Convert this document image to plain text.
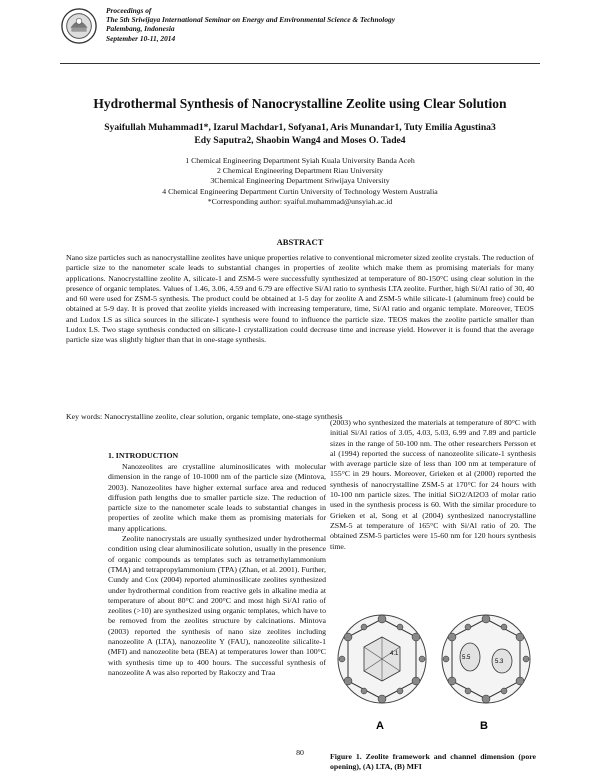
Proceedings of
The 5th Sriwijaya International Seminar on Energy and Environmental Science & Technology
Palembang, Indonesia
September 10-11, 2014
Hydrothermal Synthesis of Nanocrystalline Zeolite using Clear Solution
Syaifullah Muhammad1*, Izarul Machdar1, Sofyana1, Aris Munandar1, Tuty Emilia Agustina3
Edy Saputra2, Shaobin Wang4 and Moses O. Tade4
1 Chemical Engineering Department Syiah Kuala University Banda Aceh
2 Chemical Engineering Department Riau University
3Chemical Engineering Department Sriwijaya University
4 Chemical Engineering Department Curtin University of Technology Western Australia
*Corresponding author: syaiful.muhammad@unsyiah.ac.id
ABSTRACT
Nano size particles such as nanocrystalline zeolites have unique properties relative to conventional micrometer sized zeolite crystals. The reduction of particle size to the nanometer scale leads to substantial changes in properties of zeolite which make them as promising materials for many applications. Nanocrystalline zeolite A, silicate-1 and ZSM-5 were successfully synthesized at temperature of 80-150°C using clear solution in the presence of organic templates. Values of 1.46, 3.06, 4.59 and 6.79 are effective Si/Al ratio to synthesis LTA zeolite. Further, high Si/Al ratio of 30, 40 and 60 were used for ZSM-5 synthesis. The product could be obtained at 1-5 day for zeolite A and ZSM-5 while silicate-1 (aluminum free) could be obtained at 5-9 day. It is proved that zeolite yields increased with increasing temperature, time, Si/Al ratio and organic template. Moreover, TEOS and Ludox LS as silica sources in the silicate-1 synthesis were found to influence the particle size. TEOS makes the zeolite particle smaller than Ludox LS. Two stage synthesis conducted on silicate-1 crystallization could decrease time and increase yield. However it is found that the average particle size was slightly higher than that in one-stage synthesis.
Key words: Nanocrystalline zeolite, clear solution, organic template, one-stage synthesis
1. INTRODUCTION

Nanozeolites are crystalline aluminosilicates with molecular dimension in the range of 10-1000 nm of the particle size (Mintova, 2003). Nanozeolites have higher external surface area and reduced diffusion path lengths due to smaller particle size. The reduction of particle size to the nanometer scale leads to substantial changes in properties of zeolite which make them as promising materials for many applications.

Zeolite nanocrystals are usually synthesized under hydrothermal condition using clear aluminosilicate solution, usually in the presence of organic compounds as templates such as tetramethylammonium (TMA) and tetrapropylammonium (TPA) (Zhan, et al. 2001). Further, Cundy and Cox (2004) reported aluminosilicate zeolites synthesized under hydrothermal condition from reactive gels in alkaline media at temperature of about 80°C and 200°C and most high Si/Al ratio of zeolites (>10) are synthesized using organic templates, which have to be removed from the zeolites structure by calcinations. Mintova (2003) reported the synthesis of nano size zeolites including nanozeolite A (LTA), nanozeolite Y (FAU), nanozeolite silicalite-1 (MFI) and nanozeolite beta (BEA) at temperatures lower than 100°C with synthesis time up to 400 hours. The successful synthesis of nanozeolite A was also reported by Rakoczy and Traa

(2003) who synthesized the materials at temperature of 80°C with initial Si/Al ratios of 3.05, 4.03, 5.03, 6.99 and 7.89 and particle sizes in the range of 50-100 nm. The other researchers Persson et al (1994) reported the success of nanozeolite silicate-1 synthesis with average particle size of less than 100 nm at temperature of 155°C in 29 hours. Moreover, Grieken et al (2000) reported the synthesis of nanocrystalline ZSM-5 at 170°C for 24 hours with 10-100 nm particle sizes. The initial SiO2/Al2O3 of molar ratio used in the synthesis process is 60. With the similar procedure to Grieken et al, Song et al (2004) synthesized nanocrystalline ZSM-5 at temperature of 165°C with Si/Al ratio of 20. The obtained ZSM-5 particles were 15-60 nm for 120 hours synthesis time.

4.1
A
5.5
5.3
B
Figure 1. Zeolite framework and channel dimension (pore opening), (A) LTA, (B) MFI
80
